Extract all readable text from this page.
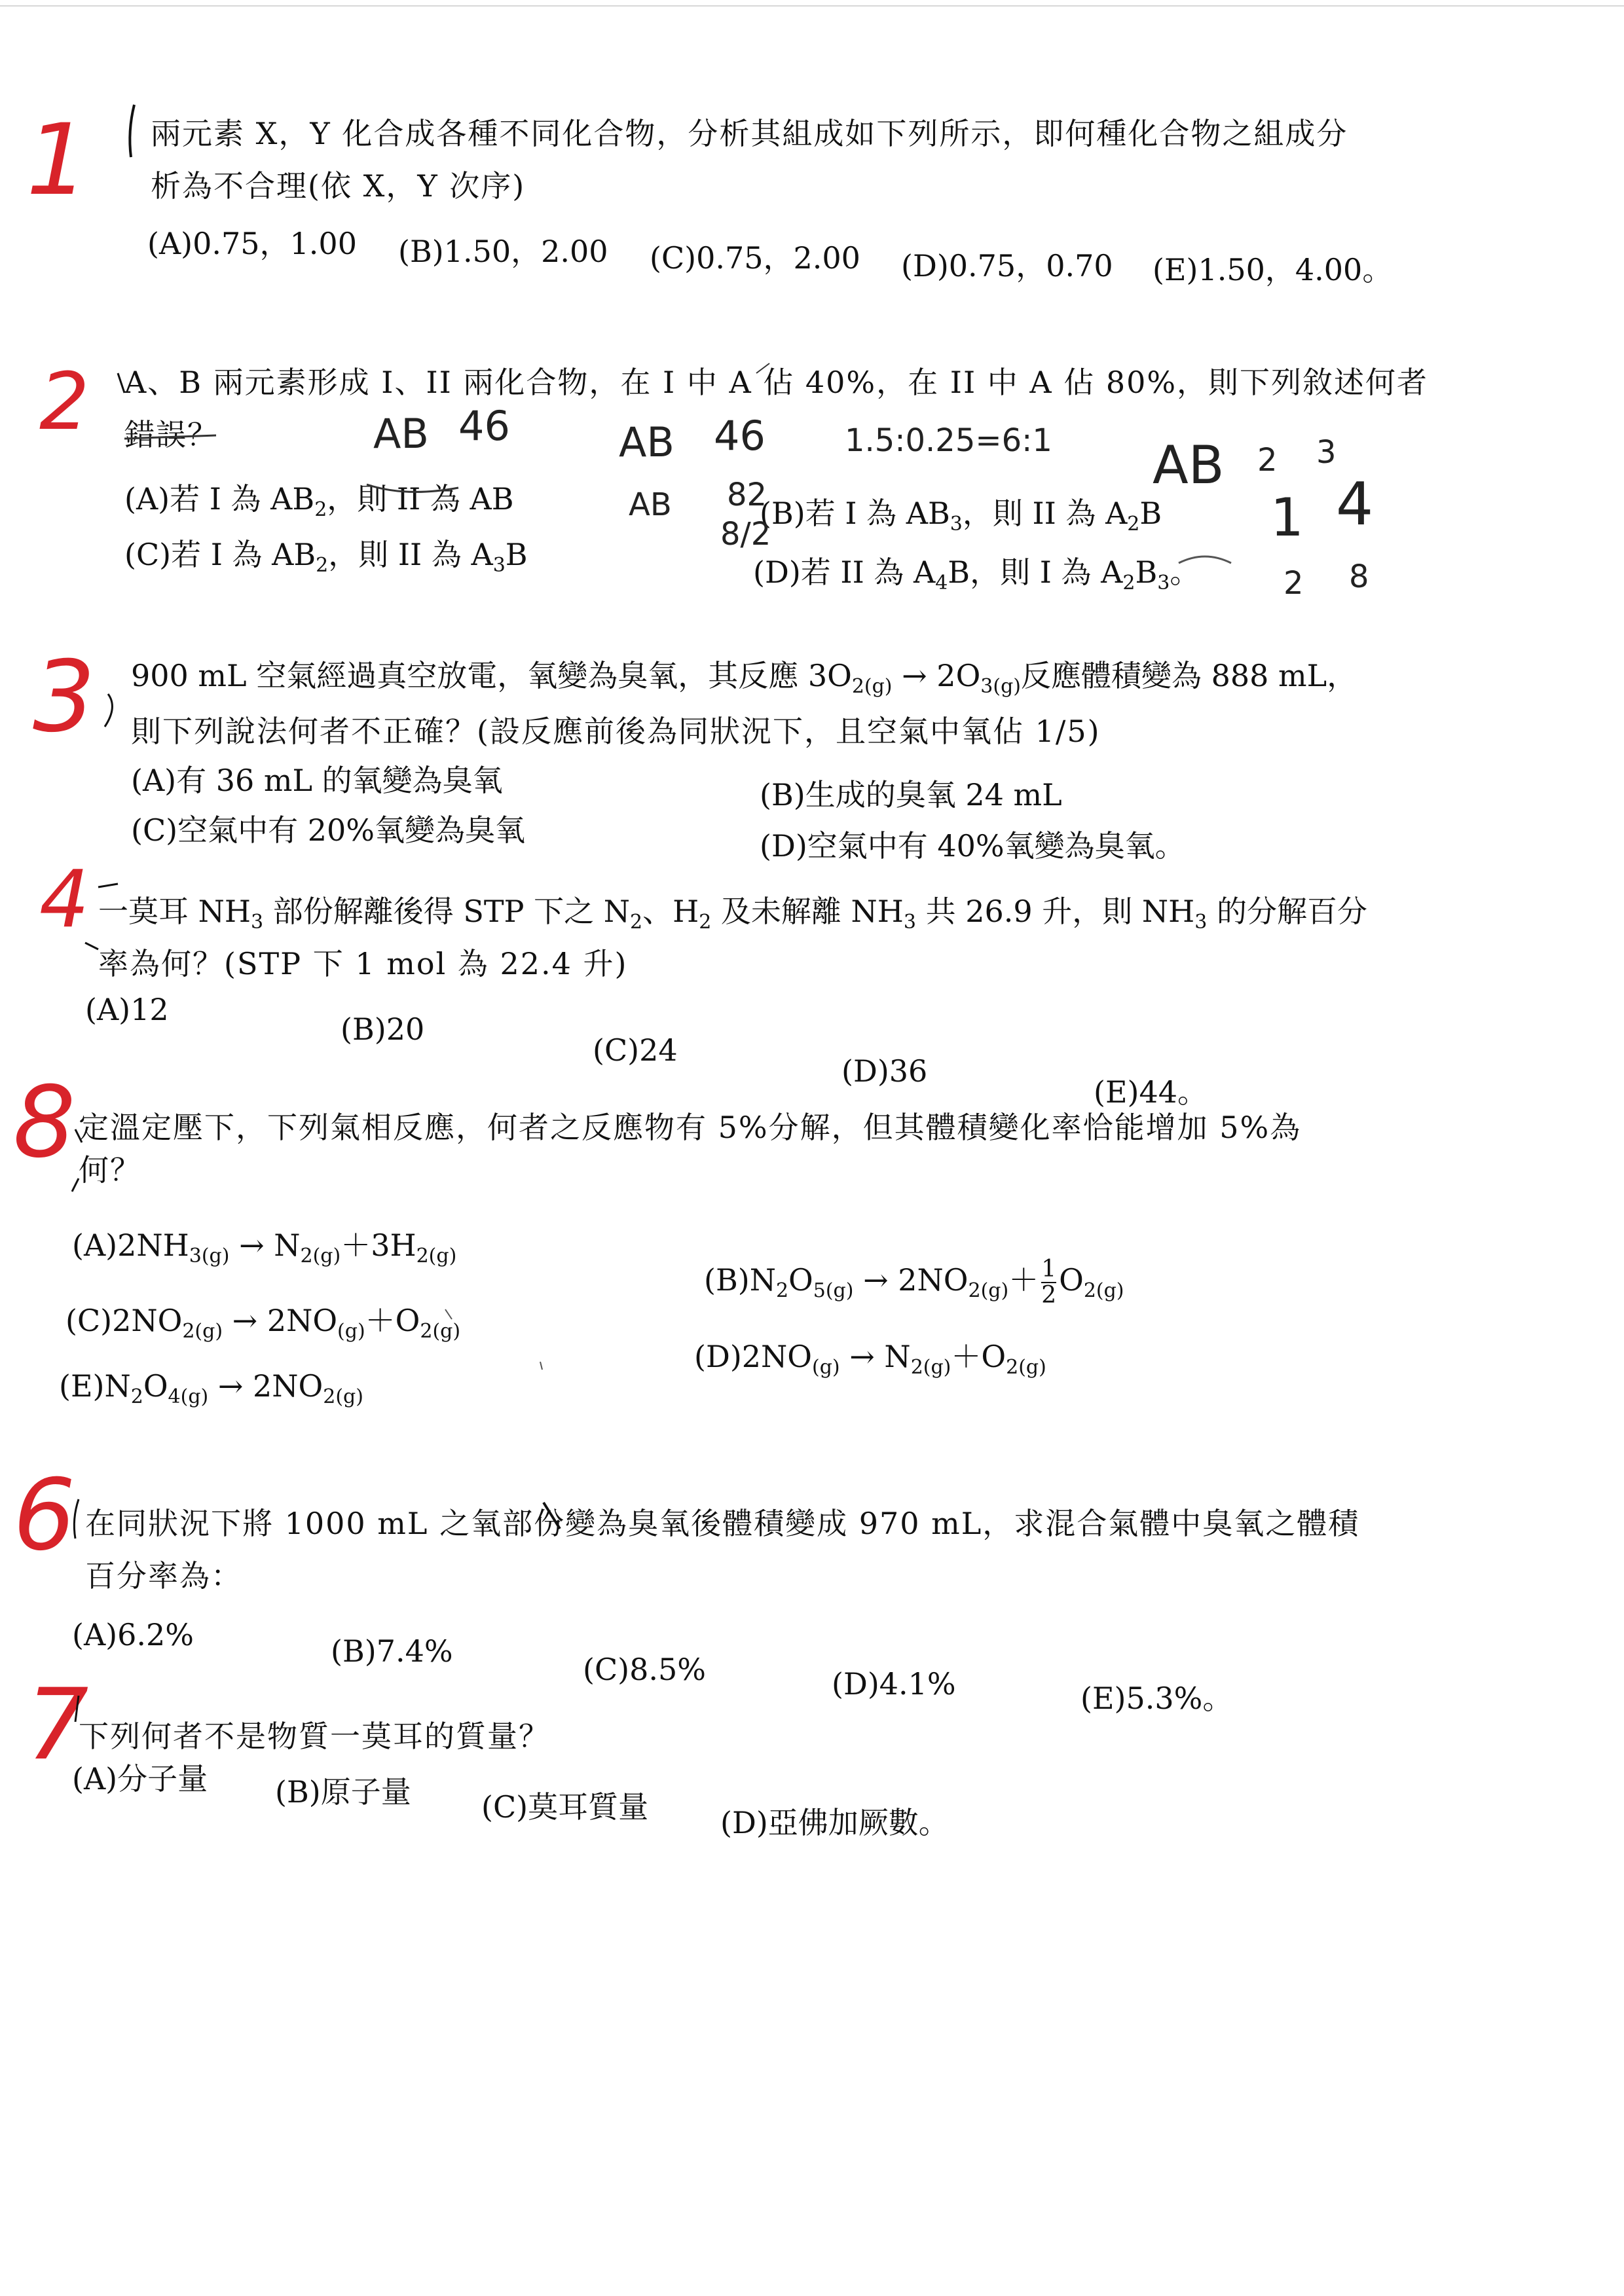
1
2
3
4
8
6
7
兩元素 X，Y 化合成各種不同化合物，分析其組成如下列所示，即何種化合物之組成分
析為不合理(依 X，Y 次序)
(A)0.75，1.00 (B)1.50，2.00 (C)0.75，2.00 (D)0.75，0.70 (E)1.50，4.00。
A、B 兩元素形成 I、II 兩化合物，在 I 中 A 佔 40%，在 II 中 A 佔 80%，則下列敘述何者
錯誤？
(A)若 I 為 $AB_2$，則 II 為 AB	(B)若 I 為 $AB_3$，則 II 為 $A_2B$
(C)若 I 為 $AB_2$，則 II 為 $A_3B$	(D)若 II 為 $A_4B$，則 I 為 $A_2B_3$。
AB 46	AB 46	1.5:0.25=6:1 AB 2 3
1 4
2 8
AB 82
8/2
900 mL 空氣經過真空放電，氧變為臭氧，其反應 $3O_{2(g)} \to 2O_{3(g)}$反應體積變為 888 mL，
則下列說法何者不正確？(設反應前後為同狀況下，且空氣中氧佔 1/5)
(A)有 36 mL 的氧變為臭氧	(B)生成的臭氧 24 mL
(C)空氣中有 20%氧變為臭氧	(D)空氣中有 40%氧變為臭氧。
一莫耳 $NH_3$ 部份解離後得 STP 下之 $N_2$、$H_2$ 及未解離 $NH_3$ 共 26.9 升，則 $NH_3$ 的分解百分
率為何？(STP 下 1 mol 為 22.4 升)
(A)12
(B)20
(C)24
(D)36
(E)44。
定溫定壓下，下列氣相反應，何者之反應物有 5%分解，但其體積變化率恰能增加 5%為
何？
$(A)2NH_{3(g)} \to N_{2(g)}+3H_{2(g)}$
$(B)N_2O_{5(g)} \to 2NO_{2(g)}+ \frac{1}{2} O_{2(g)}$
$(C)2NO_{2(g)} \to 2NO_{(g)}+O_{2(g)}$
$(D)2NO_{(g)} \to N_{2(g)}+O_{2(g)}$
$(E)N_2O_{4(g)} \to 2NO_{2(g)}$
在同狀況下將 1000 mL 之氧部份變為臭氧後體積變成 970 mL，求混合氣體中臭氧之體積
百分率為：
(A)6.2%	(B)7.4%
(C)8.5%	(D)4.1%	(E)5.3%。
下列何者不是物質一莫耳的質量？
(A)分子量 (B)原子量 (C)莫耳質量 (D)亞佛加厥數。
